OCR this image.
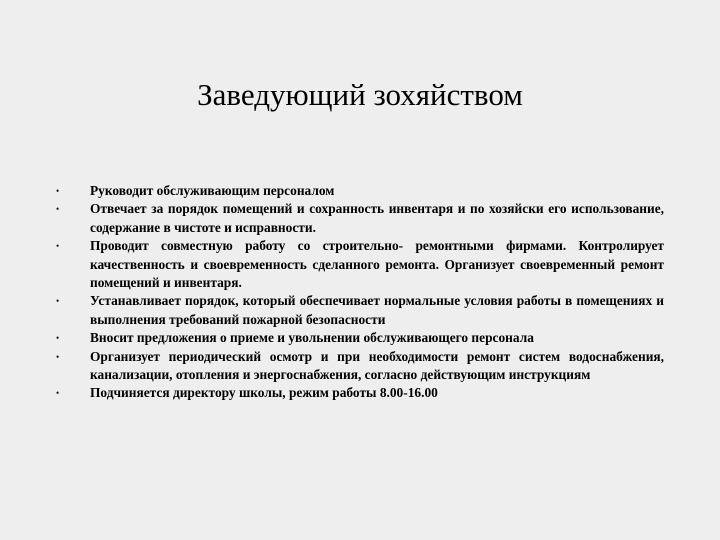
Заведующий зохяйством
•	Руководит обслуживающим персоналом
•	Отвечает за порядок помещений и сохранность инвентаря и по хозяйски его использование, содержание в чистоте и исправности.
•	Проводит совместную работу со строительно- ремонтными фирмами. Контролирует качественность и своевременность сделанного ремонта. Организует своевременный ремонт помещений и инвентаря.
•	Устанавливает порядок, который обеспечивает нормальные условия работы в помещениях и выполнения требований пожарной безопасности
•	Вносит предложения о приеме и увольнении обслуживающего персонала
•	Организует периодический осмотр и при необходимости ремонт систем водоснабжения, канализации, отопления и энергоснабжения, согласно действующим инструкциям
•	Подчиняется директору школы, режим работы 8.00-16.00
